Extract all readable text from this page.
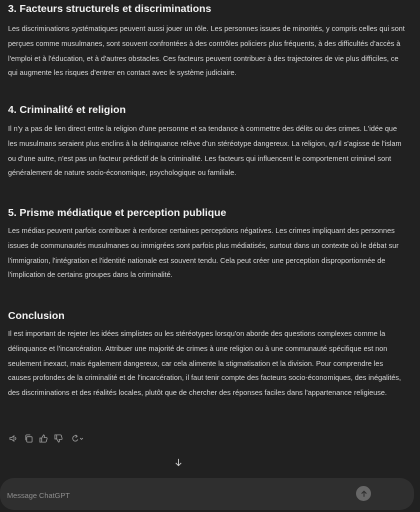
3. Facteurs structurels et discriminations

Les discriminations systématiques peuvent aussi jouer un rôle. Les personnes issues de minorités, y compris celles qui sont perçues comme musulmanes, sont souvent confrontées à des contrôles policiers plus fréquents, à des difficultés d'accès à l'emploi et à l'éducation, et à d'autres obstacles. Ces facteurs peuvent contribuer à des trajectoires de vie plus difficiles, ce qui augmente les risques d'entrer en contact avec le système judiciaire.

4. Criminalité et religion

Il n'y a pas de lien direct entre la religion d'une personne et sa tendance à commettre des délits ou des crimes. L'idée que les musulmans seraient plus enclins à la délinquance relève d'un stéréotype dangereux. La religion, qu'il s'agisse de l'islam ou d'une autre, n'est pas un facteur prédictif de la criminalité. Les facteurs qui influencent le comportement criminel sont généralement de nature socio-économique, psychologique ou familiale.

5. Prisme médiatique et perception publique

Les médias peuvent parfois contribuer à renforcer certaines perceptions négatives. Les crimes impliquant des personnes issues de communautés musulmanes ou immigrées sont parfois plus médiatisés, surtout dans un contexte où le débat sur l'immigration, l'intégration et l'identité nationale est souvent tendu. Cela peut créer une perception disproportionnée de l'implication de certains groupes dans la criminalité.

Conclusion

Il est important de rejeter les idées simplistes ou les stéréotypes lorsqu'on aborde des questions complexes comme la délinquance et l'incarcération. Attribuer une majorité de crimes à une religion ou à une communauté spécifique est non seulement inexact, mais également dangereux, car cela alimente la stigmatisation et la division. Pour comprendre les causes profondes de la criminalité et de l'incarcération, il faut tenir compte des facteurs socio-économiques, des inégalités, des discriminations et des réalités locales, plutôt que de chercher des réponses faciles dans l'appartenance religieuse.

Message ChatGPT
